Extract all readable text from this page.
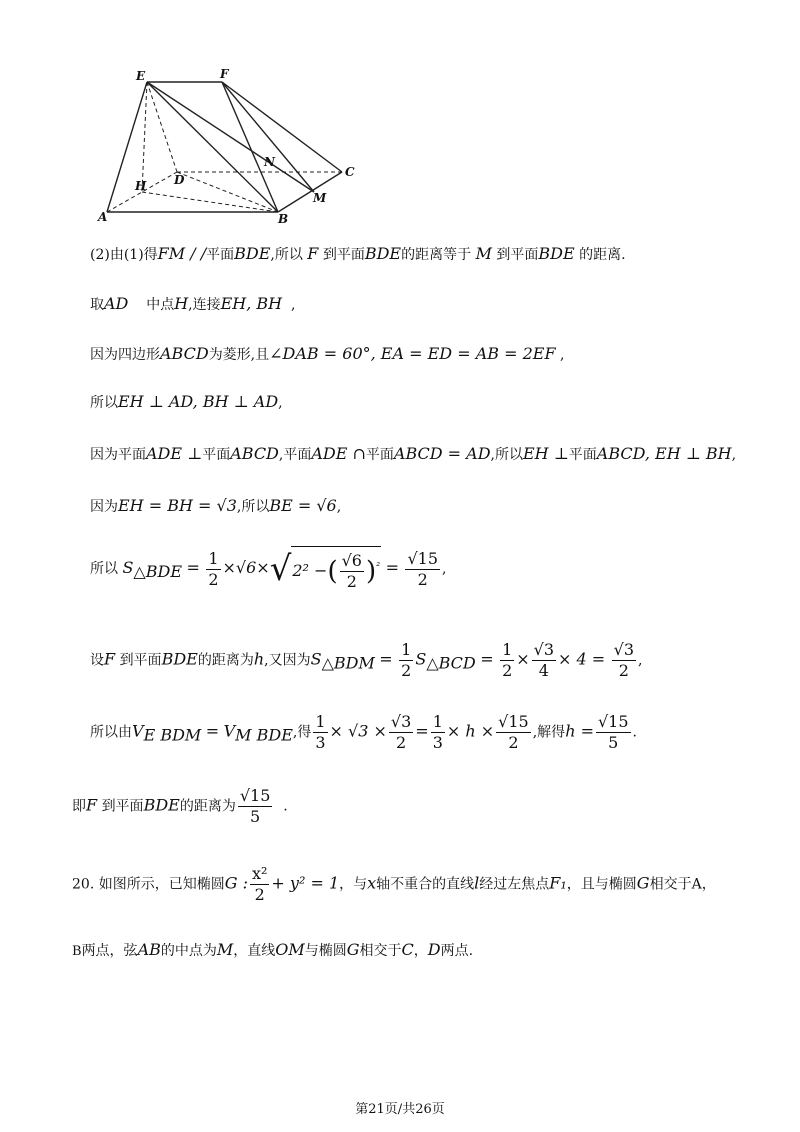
E	F
N
C
H D
M
A	B
(2)由(1)得FM / /平面BDE,所以 F 到平面BDE的距离等于 M 到平面BDE 的距离.
取AD 中点H,连接EH, BH ,
因为四边形ABCD为菱形,且∠DAB = 60°, EA = ED = AB = 2EF ,
所以EH ⊥ AD, BH ⊥ AD,
因为平面ADE ⊥平面ABCD,平面ADE ∩平面ABCD = AD,所以EH ⊥平面ABCD, EH ⊥ BH,
因为EH = BH = √3,所以BE = √6,
所以 $S_{\triangle BDE} = \frac{1}{2} \times√6\times√2^2$ −( $\frac{√6}{2} )^{^2} = \frac{√15}{2}$ ,
设F 到平面BDE的距离为h,又因为$S_{\triangle BDM} = \frac{1}{2} S_{\triangle BCD} = \frac{1}{2} \times \frac{√3}{4} \times 4 = \frac{√3}{2}$ ,
所以由$V_{E BDM} = V_{M BDE}$,得 $\frac{1}{3} \times √3 \times \frac{√3}{2} = \frac{1}{3} \times h \times \frac{√15}{2}$ ,解得$h = \frac{√15}{5}$ .
即F 到平面BDE的距离为 $\frac{√15}{5}$ .
20. 如图所示，已知椭圆G : $\frac{\text{x²}}{2} + y^2 = 1$，与x轴不重合的直线l经过左焦点F₁，且与椭圆G相交于A，
B两点，弦AB的中点为M，直线OM与椭圆G相交于C，D两点.
第21页/共26页
